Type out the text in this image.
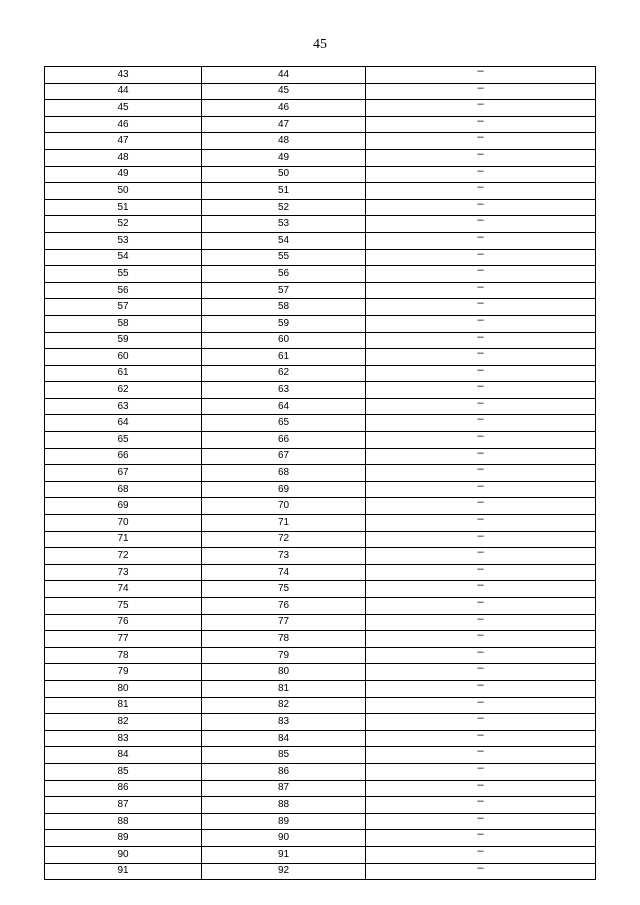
45
43	44	–
44	45	–
45	46	–
46	47	–
47	48	–
48	49	–
49	50	–
50	51	–
51	52	–
52	53	–
53	54	–
54	55	–
55	56	–
56	57	–
57	58	–
58	59	–
59	60	–
60	61	–
61	62	–
62	63	–
63	64	–
64	65	–
65	66	–
66	67	–
67	68	–
68	69	–
69	70	–
70	71	–
71	72	–
72	73	–
73	74	–
74	75	–
75	76	–
76	77	–
77	78	–
78	79	–
79	80	–
80	81	–
81	82	–
82	83	–
83	84	–
84	85	–
85	86	–
86	87	–
87	88	–
88	89	–
89	90	–
90	91	–
91	92	–
